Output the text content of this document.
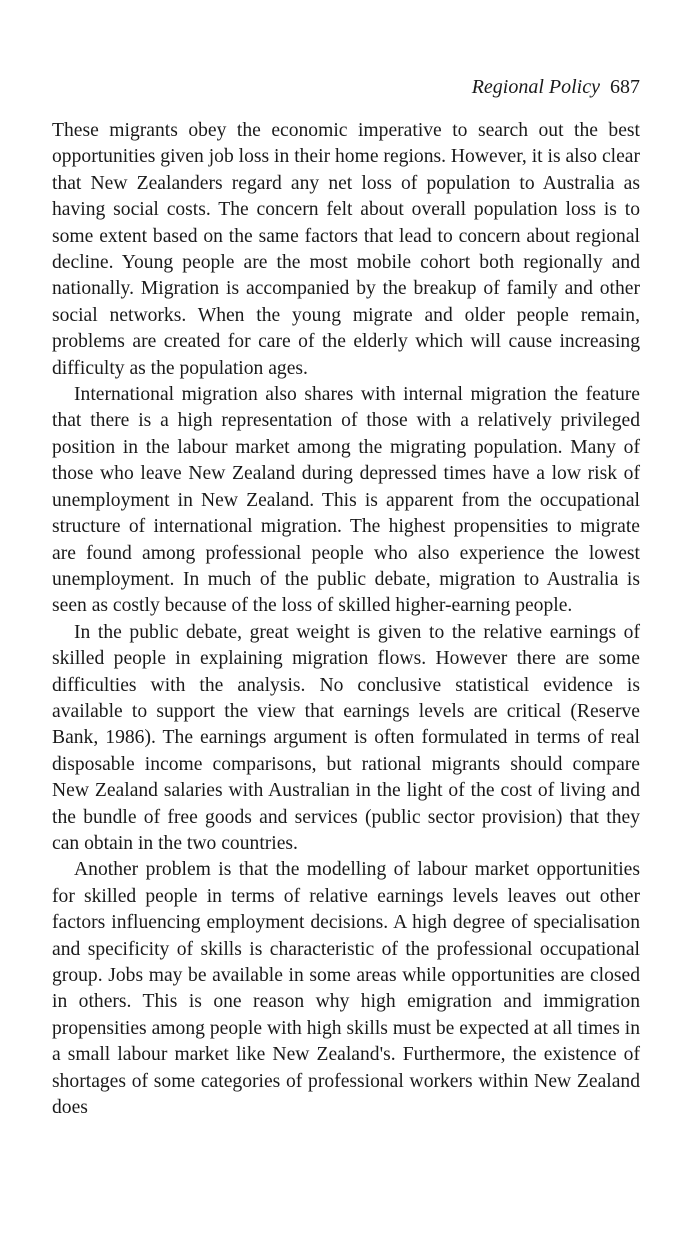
Regional Policy 687

These migrants obey the economic imperative to search out the best opportunities given job loss in their home regions. However, it is also clear that New Zealanders regard any net loss of population to Australia as having social costs. The concern felt about overall population loss is to some extent based on the same factors that lead to concern about regional decline. Young people are the most mobile cohort both regionally and nationally. Migration is accompanied by the breakup of family and other social networks. When the young migrate and older people remain, problems are created for care of the elderly which will cause increasing difficulty as the population ages.

International migration also shares with internal migration the feature that there is a high representation of those with a relatively privileged position in the labour market among the migrating population. Many of those who leave New Zealand during depressed times have a low risk of unemployment in New Zealand. This is apparent from the occupational structure of international migration. The highest propensities to migrate are found among professional people who also experience the lowest unemployment. In much of the public debate, migration to Australia is seen as costly because of the loss of skilled higher-earning people.

In the public debate, great weight is given to the relative earnings of skilled people in explaining migration flows. However there are some difficulties with the analysis. No conclusive statistical evidence is available to support the view that earnings levels are critical (Reserve Bank, 1986). The earnings argument is often formulated in terms of real disposable income comparisons, but rational migrants should compare New Zealand salaries with Australian in the light of the cost of living and the bundle of free goods and services (public sector provision) that they can obtain in the two countries.

Another problem is that the modelling of labour market opportunities for skilled people in terms of relative earnings levels leaves out other factors influencing employment decisions. A high degree of specialisation and specificity of skills is characteristic of the professional occupational group. Jobs may be available in some areas while opportunities are closed in others. This is one reason why high emigration and immigration propensities among people with high skills must be expected at all times in a small labour market like New Zealand's. Furthermore, the existence of shortages of some categories of professional workers within New Zealand does
